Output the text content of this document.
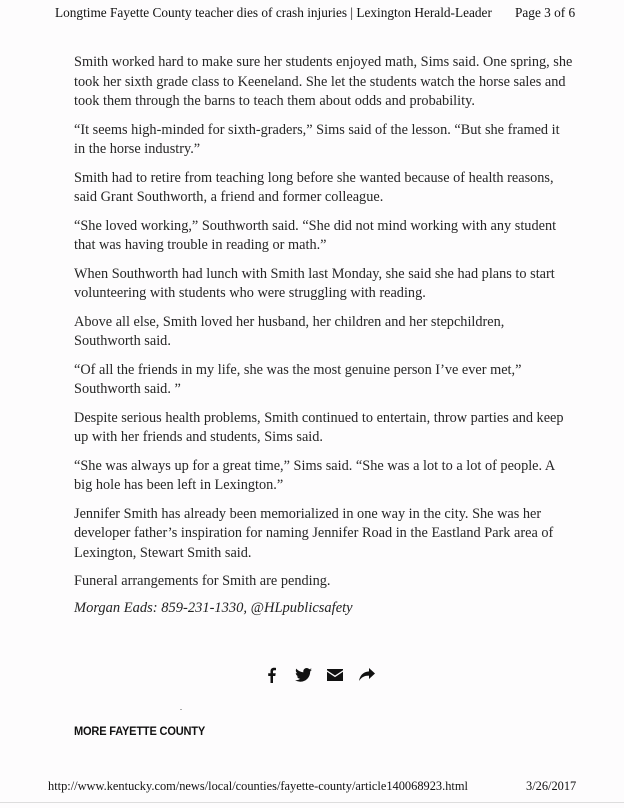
Longtime Fayette County teacher dies of crash injuries | Lexington Herald-Leader Page 3 of 6

Smith worked hard to make sure her students enjoyed math, Sims said. One spring, she took her sixth grade class to Keeneland. She let the students watch the horse sales and took them through the barns to teach them about odds and probability.

“It seems high-minded for sixth-graders,” Sims said of the lesson. “But she framed it in the horse industry.”

Smith had to retire from teaching long before she wanted because of health reasons, said Grant Southworth, a friend and former colleague.

“She loved working,” Southworth said. “She did not mind working with any student that was having trouble in reading or math.”

When Southworth had lunch with Smith last Monday, she said she had plans to start volunteering with students who were struggling with reading.

Above all else, Smith loved her husband, her children and her stepchildren, Southworth said.

“Of all the friends in my life, she was the most genuine person I’ve ever met,” Southworth said. ”

Despite serious health problems, Smith continued to entertain, throw parties and keep up with her friends and students, Sims said.

“She was always up for a great time,” Sims said. “She was a lot to a lot of people. A big hole has been left in Lexington.”

Jennifer Smith has already been memorialized in one way in the city. She was her developer father’s inspiration for naming Jennifer Road in the Eastland Park area of Lexington, Stewart Smith said.

Funeral arrangements for Smith are pending.

Morgan Eads: 859-231-1330, @HLpublicsafety
MORE FAYETTE COUNTY
http://www.kentucky.com/news/local/counties/fayette-county/article140068923.html	3/26/2017
